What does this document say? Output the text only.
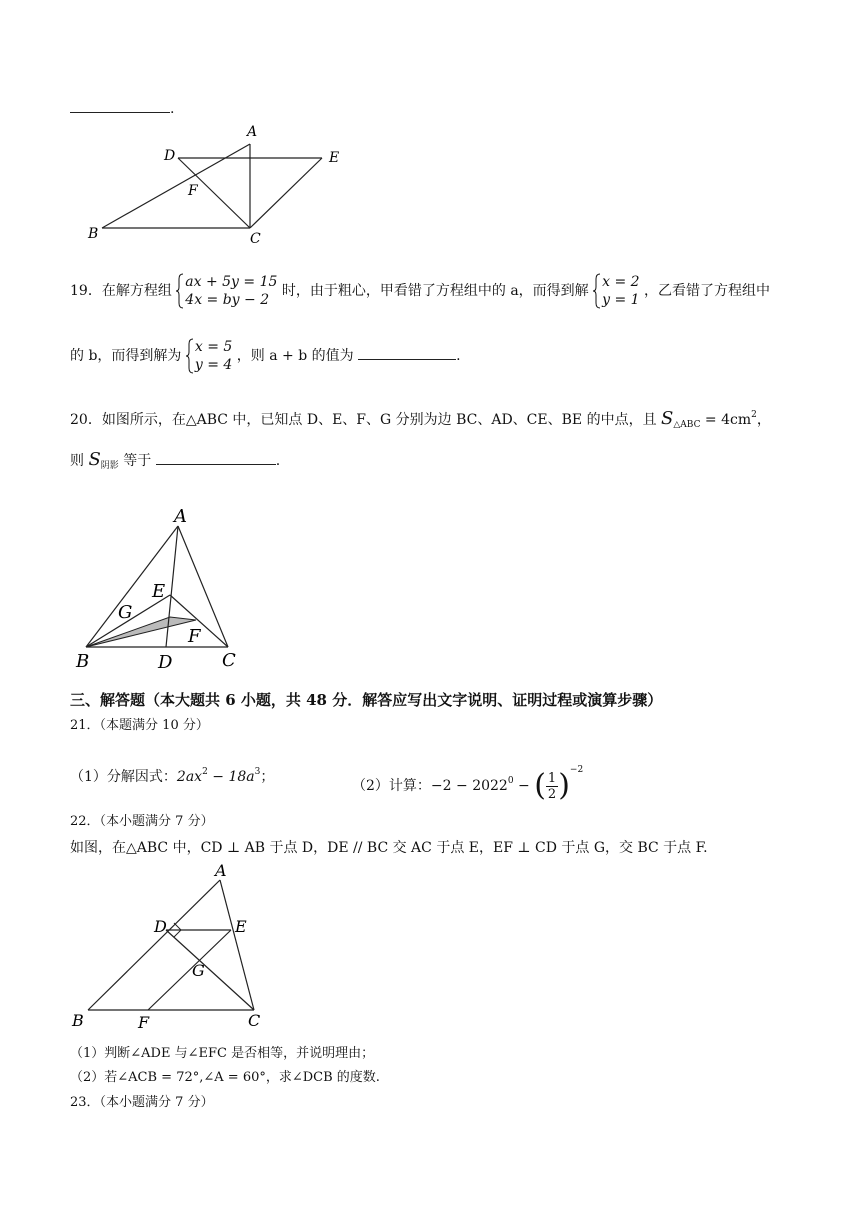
.
A
B	C
D	E
F
19．在解方程组
ax + 5y = 15
4x = by − 2
时，由于粗心，甲看错了方程组中的 a，而得到解
x = 2
y = 1
，乙看错了方程组中
的 b，而得到解为
x = 5
y = 4
，则 a + b 的值为	.
20．如图所示，在△ABC 中，已知点 D、E、F、G 分别为边 BC、AD、CE、BE 的中点，且 $S_{\triangle ABC} = 4cm^2$，
则 $S_{阴影}$ 等于	.
A
B	C
D
E
F
G
三、解答题（本大题共 6 小题，共 48 分．解答应写出文字说明、证明过程或演算步骤）
21．（本题满分 10 分）
（1）分解因式：$2ax^2 - 18a^3$；
（2）计算：$-2 - 2022^0$ − ( $\frac{1}{2} )^{-2}$
22．（本小题满分 7 分）
如图，在△ABC 中，CD ⊥ AB 于点 D，DE // BC 交 AC 于点 E，EF ⊥ CD 于点 G，交 BC 于点 F.
A
B	C
D	E
F
G
（1）判断∠ADE 与∠EFC 是否相等，并说明理由；
（2）若∠ACB = 72°,∠A = 60°，求∠DCB 的度数.
23．（本小题满分 7 分）
